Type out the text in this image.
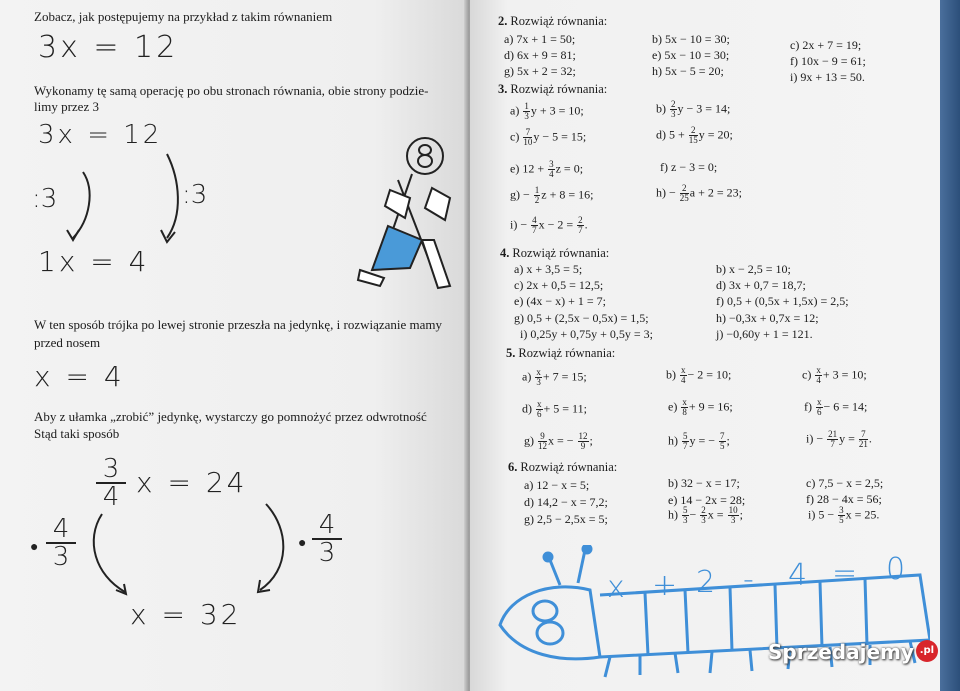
Zobacz, jak postępujemy na przykład z takim równaniem
3x = 12
Wykonamy tę samą operację po obu stronach równania, obie strony podzie-
limy przez 3
3x = 12
:3	:3
1x = 4
W ten sposób trójka po lewej stronie przeszła na jedynkę, i rozwiązanie mamy
przed nosem
x = 4
Aby z ułamka „zrobić” jedynkę, wystarczy go pomnożyć przez odwrotność
Stąd taki sposób
$\frac{3}{4}$ x = 24
● $\frac{4}{3}$	● $\frac{4}{3}$
x = 32
2. Rozwiąż równania:
a) 7x + 1 = 50;	b) 5x − 10 = 30;	c) 2x + 7 = 19;
d) 6x + 9 = 81;	e) 5x − 10 = 30;	f) 10x − 9 = 61;
g) 5x + 2 = 32;	h) 5x − 5 = 20;	i) 9x + 13 = 50.
3. Rozwiąż równania:
$a) \frac{1}{3}$ y + 3 = 10;	$b) \frac{2}{3}$ y − 3 = 14;
$c) \frac{7}{10}$ y − 5 = 15;	d) $5 + \frac{2}{15}$ y = 20;
e) $12 + \frac{3}{4}$ z = 0;	f) z − 3 = 0;
$g) - \frac{1}{2}$ z + 8 = 16;	$h) - \frac{2}{25}$ a + 2 = 23;
$i) - \frac{4}{7}$ $x - 2 = \frac{2}{7}$ .
4. Rozwiąż równania:
a) x + 3,5 = 5;	b) x − 2,5 = 10;
c) 2x + 0,5 = 12,5;	d) 3x + 0,7 = 18,7;
e) (4x − x) + 1 = 7;	f) 0,5 + (0,5x + 1,5x) = 2,5;
g) 0,5 + (2,5x − 0,5x) = 1,5;	h) −0,3x + 0,7x = 12;
i) 0,25y + 0,75y + 0,5y = 3;	j) −0,60y + 1 = 121.
5. Rozwiąż równania:
$a) \frac{x}{3} + 7 = 15$;	$b) \frac{x}{4} - 2 = 10$;	$c) \frac{x}{4} + 3 = 10$;
$d) \frac{x}{6} + 5 = 11$;	$e) \frac{x}{8} + 9 = 16$;	$f) \frac{x}{6} - 6 = 14$;
$g) \frac{9}{12}$ x = − $\frac{12}{9}$ ;	$h) \frac{5}{7}$ y = − $\frac{7}{5}$ ;	$i) - \frac{21}{7}$ $y = \frac{7}{21}$ .
6. Rozwiąż równania:
a) 12 − x = 5;	b) 32 − x = 17;	c) 7,5 − x = 2,5;
d) 14,2 − x = 7,2;	e) 14 − 2x = 28;	f) 28 − 4x = 56;
g) 2,5 − 2,5x = 5;	$h) \frac{5}{3} - \frac{2}{3}$ $x = \frac{10}{3}$ ;	i) $5 - \frac{3}{5}$ x = 25.
x + 2 - 4 = 0
Sprzedajemy .pl
